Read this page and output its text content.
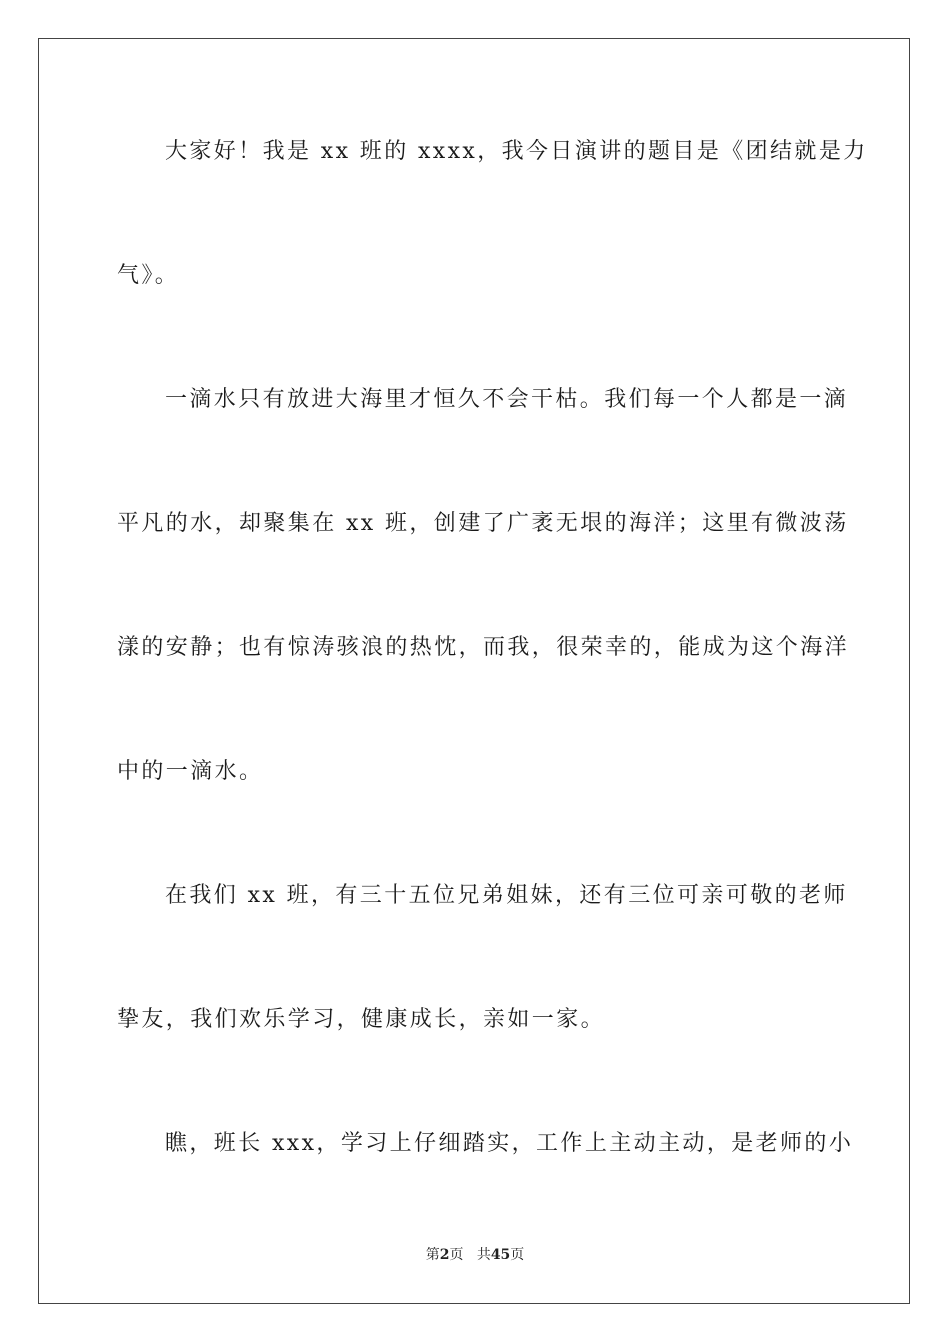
大家好！我是 xx 班的 xxxx，我今日演讲的题目是《团结就是力
气》。
一滴水只有放进大海里才恒久不会干枯。我们每一个人都是一滴
平凡的水，却聚集在 xx 班，创建了广袤无垠的海洋；这里有微波荡
漾的安静；也有惊涛骇浪的热忱，而我，很荣幸的，能成为这个海洋
中的一滴水。
在我们 xx 班，有三十五位兄弟姐妹，还有三位可亲可敬的老师
挚友，我们欢乐学习，健康成长，亲如一家。
瞧，班长 xxx，学习上仔细踏实，工作上主动主动，是老师的小
第2页 共45页
